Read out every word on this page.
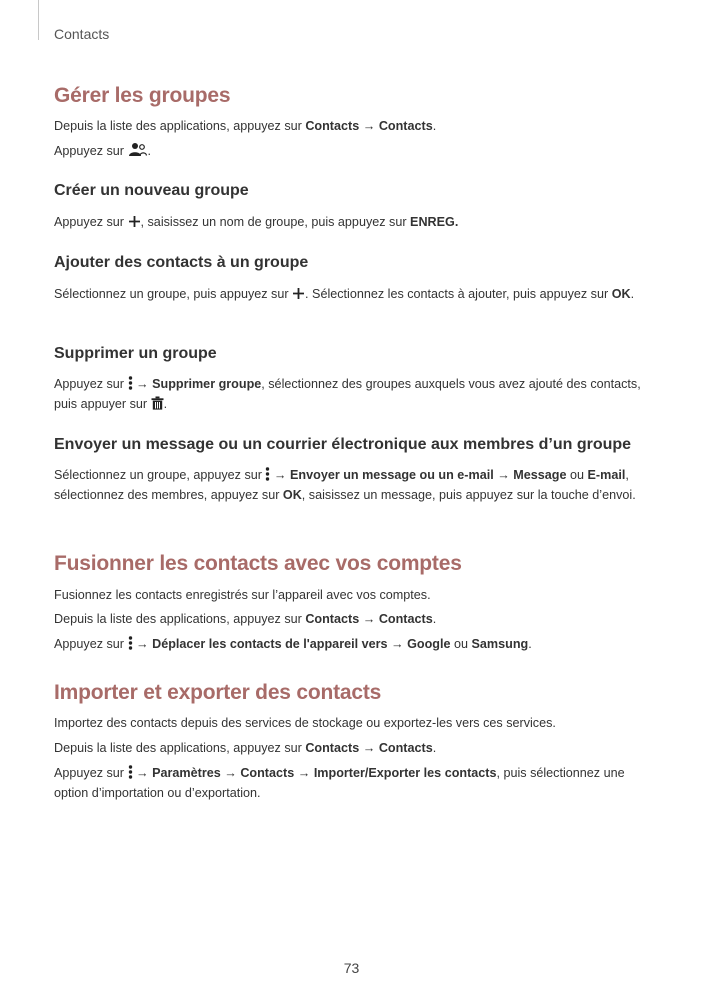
Contacts
Gérer les groupes

Depuis la liste des applications, appuyez sur Contacts → Contacts.

Appuyez sur .

Créer un nouveau groupe

Appuyez sur , saisissez un nom de groupe, puis appuyez sur ENREG.

Ajouter des contacts à un groupe

Sélectionnez un groupe, puis appuyez sur . Sélectionnez les contacts à ajouter, puis appuyez sur OK.

Supprimer un groupe

Appuyez sur  → Supprimer groupe, sélectionnez des groupes auxquels vous avez ajouté des contacts, puis appuyer sur .

Envoyer un message ou un courrier électronique aux membres d’un groupe

Sélectionnez un groupe, appuyez sur  → Envoyer un message ou un e-mail → Message ou E-mail, sélectionnez des membres, appuyez sur OK, saisissez un message, puis appuyez sur la touche d’envoi.

Fusionner les contacts avec vos comptes

Fusionnez les contacts enregistrés sur l’appareil avec vos comptes.

Depuis la liste des applications, appuyez sur Contacts → Contacts.

Appuyez sur  → Déplacer les contacts de l'appareil vers → Google ou Samsung.

Importer et exporter des contacts

Importez des contacts depuis des services de stockage ou exportez-les vers ces services.

Depuis la liste des applications, appuyez sur Contacts → Contacts.

Appuyez sur  → Paramètres → Contacts → Importer/Exporter les contacts, puis sélectionnez une option d’importation ou d’exportation.

73
